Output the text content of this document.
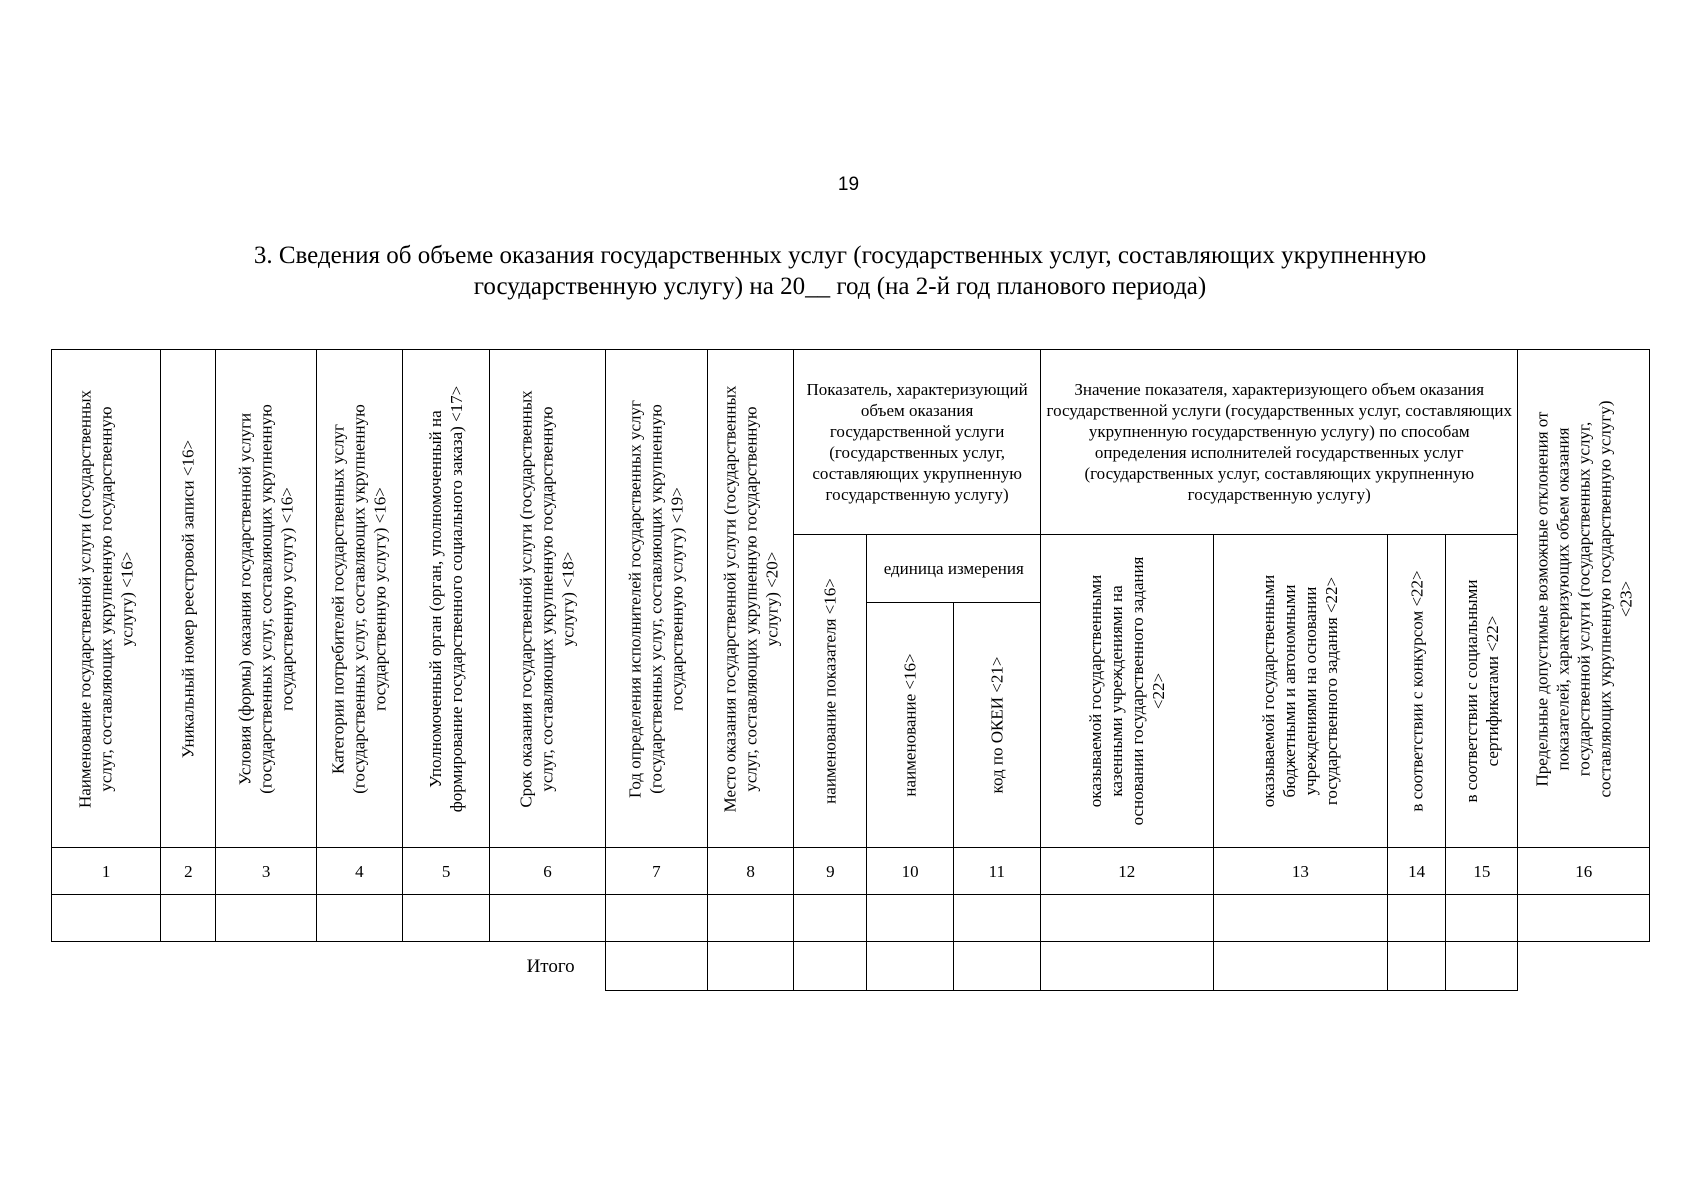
19
3. Сведения об объеме оказания государственных услуг (государственных услуг, составляющих укрупненную
государственную услугу) на 20__ год (на 2-й год планового периода)
Наименование государственной услуги (государственных услуг, составляющих укрупненную государственную услугу) <16>	Уникальный номер реестровой записи <16>	Условия (формы) оказания государственной услуги (государственных услуг, составляющих укрупненную государственную услугу) <16>	Категории потребителей государственных услуг (государственных услуг, составляющих укрупненную государственную услугу) <16>	Уполномоченный орган (орган, уполномоченный на формирование государственного социального заказа) <17>	Срок оказания государственной услуги (государственных услуг, составляющих укрупненную государственную услугу) <18>	Год определения исполнителей государственных услуг (государственных услуг, составляющих укрупненную государственную услугу) <19>	Место оказания государственной услуги (государственных услуг, составляющих укрупненную государственную услугу) <20>	Показатель, характеризующий объем оказания государственной услуги (государственных услуг, составляющих укрупненную государственную услугу)			Значение показателя, характеризующего объем оказания государственной услуги (государственных услуг, составляющих укрупненную государственную услугу) по способам определения исполнителей государственных услуг (государственных услуг, составляющих укрупненную государственную услугу)				Предельные допустимые возможные отклонения от показателей, характеризующих объем оказания государственной услуги (государственных услуг, составляющих укрупненную государственную услугу) <23>

								наименование показателя <16>	единица измерения		оказываемой государственными казенными учреждениями на основании государственного задания <22>	оказываемой государственными бюджетными и автономными учреждениями на основании государственного задания <22>	в соответствии с конкурсом <22>	в соответствии с социальными сертификатами <22>	

									наименование <16>	код по ОКЕИ <21>					

1	2	3	4	5	6	7	8	9	10	11	12	13	14	15	16

Итого															
